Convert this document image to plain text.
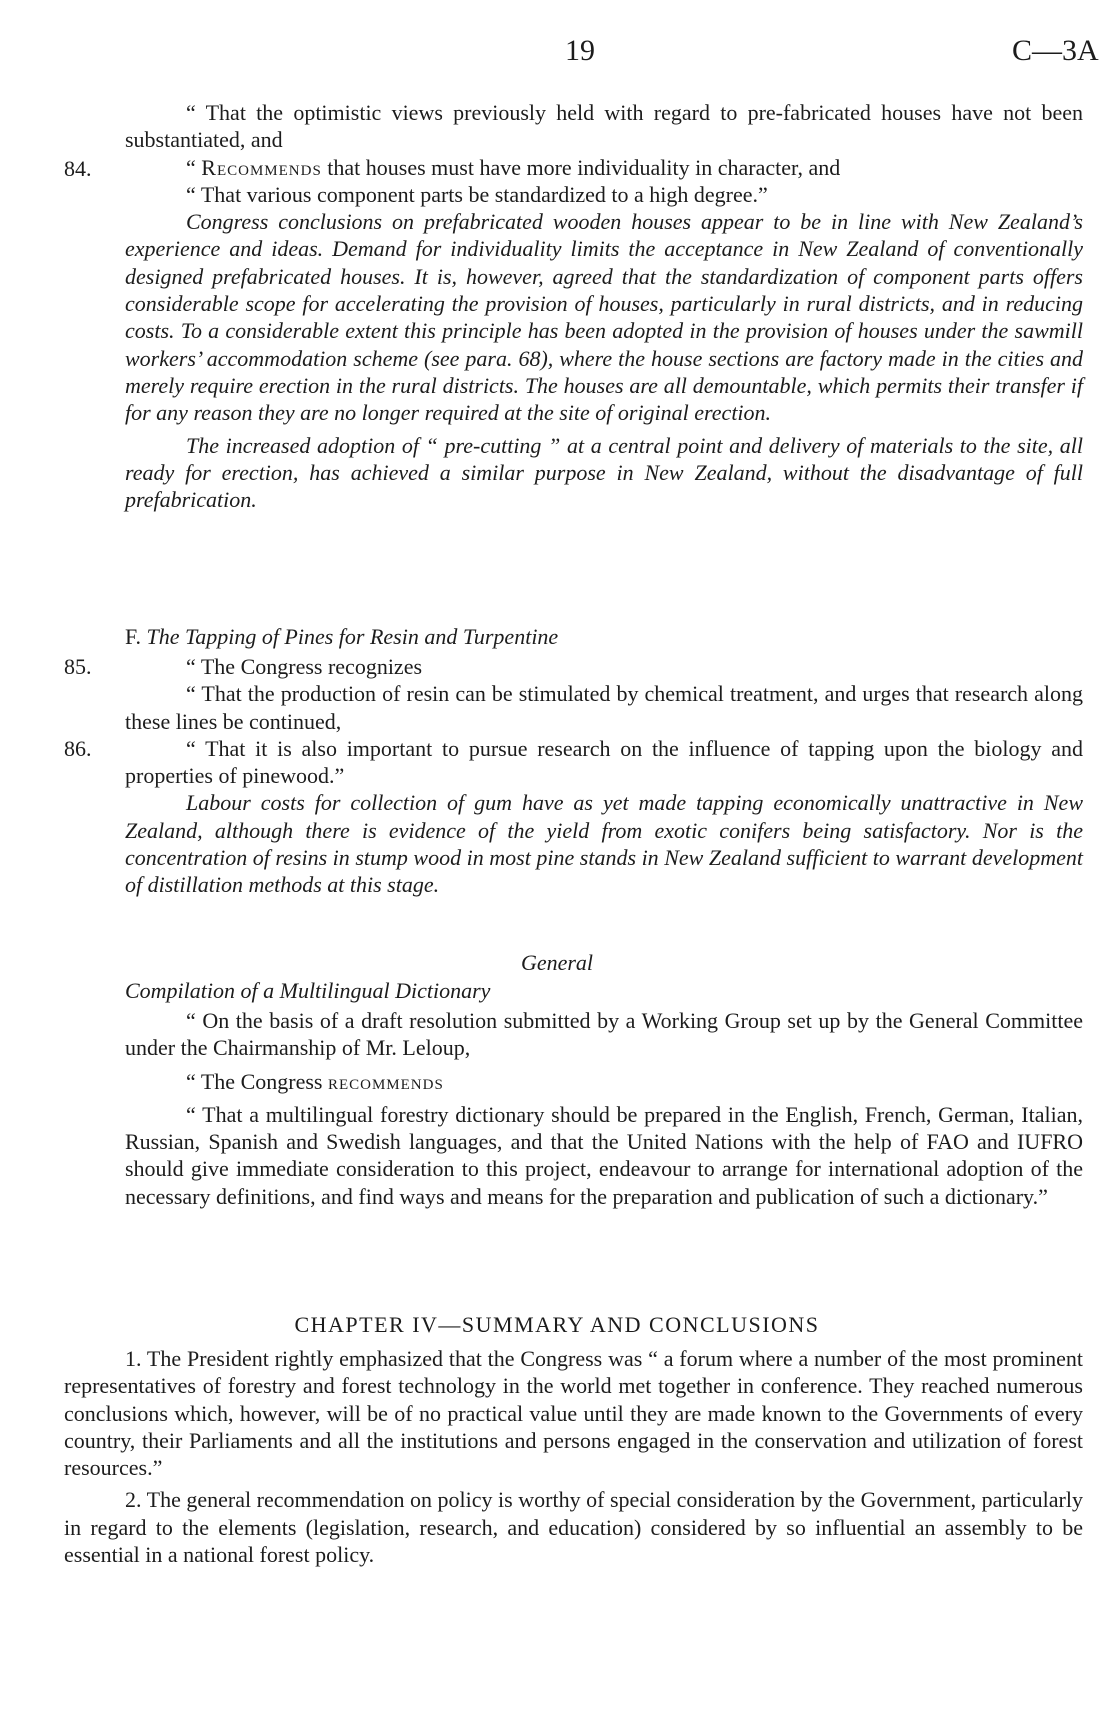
19	C—3A
84.

“ That the optimistic views previously held with regard to pre-fabricated houses have not been substantiated, and

“ Recommends that houses must have more individuality in character, and

“ That various component parts be standardized to a high degree.”

Congress conclusions on prefabricated wooden houses appear to be in line with New Zealand’s experience and ideas. Demand for individuality limits the acceptance in New Zealand of conventionally designed prefabricated houses. It is, however, agreed that the standardization of component parts offers considerable scope for accelerating the provision of houses, particularly in rural districts, and in reducing costs. To a considerable extent this principle has been adopted in the provision of houses under the sawmill workers’ accommodation scheme (see para. 68), where the house sections are factory made in the cities and merely require erection in the rural districts. The houses are all demountable, which permits their transfer if for any reason they are no longer required at the site of original erection.

The increased adoption of “ pre-cutting ” at a central point and delivery of materials to the site, all ready for erection, has achieved a similar purpose in New Zealand, without the disadvantage of full prefabrication.

F. The Tapping of Pines for Resin and Turpentine
85.
86.

“ The Congress recognizes

“ That the production of resin can be stimulated by chemical treatment, and urges that research along these lines be continued,

“ That it is also important to pursue research on the influence of tapping upon the biology and properties of pinewood.”

Labour costs for collection of gum have as yet made tapping economically unattractive in New Zealand, although there is evidence of the yield from exotic conifers being satisfactory. Nor is the concentration of resins in stump wood in most pine stands in New Zealand sufficient to warrant development of distillation methods at this stage.

General
Compilation of a Multilingual Dictionary

“ On the basis of a draft resolution submitted by a Working Group set up by the General Committee under the Chairmanship of Mr. Leloup,

“ The Congress recommends

“ That a multilingual forestry dictionary should be prepared in the English, French, German, Italian, Russian, Spanish and Swedish languages, and that the United Nations with the help of FAO and IUFRO should give immediate consideration to this project, endeavour to arrange for international adoption of the necessary definitions, and find ways and means for the preparation and publication of such a dictionary.”

CHAPTER IV—SUMMARY AND CONCLUSIONS

1. The President rightly emphasized that the Congress was “ a forum where a number of the most prominent representatives of forestry and forest technology in the world met together in conference. They reached numerous conclusions which, however, will be of no practical value until they are made known to the Governments of every country, their Parliaments and all the institutions and persons engaged in the conservation and utilization of forest resources.”

2. The general recommendation on policy is worthy of special consideration by the Government, particularly in regard to the elements (legislation, research, and education) considered by so influential an assembly to be essential in a national forest policy.
